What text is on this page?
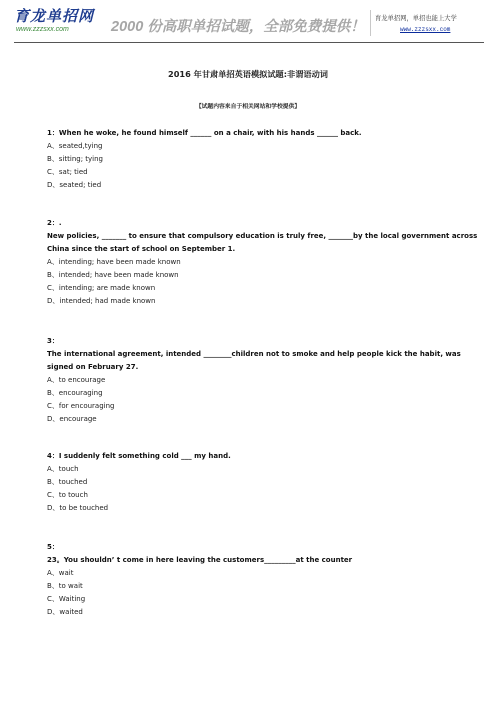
育龙单招网
www.zzzsxx.com	2000 份高职单招试题，全部免费提供！
育龙单招网，单招也能上大学
www.zzzsxx.com
2016 年甘肃单招英语模拟试题:非谓语动词
【试题内容来自于相关网站和学校提供】

1：When he woke, he found himself ______ on a chair, with his hands ______ back.

A、seated,tying

B、sitting; tying

C、sat; tied

D、seated; tied

2：.

New policies, _______ to ensure that compulsory education is truly free, _______by the local government across China since the start of school on September 1.

A、intending; have been made known

B、intended; have been made known

C、intending; are made known

D、intended; had made known

3：

The international agreement, intended ________children not to smoke and help people kick the habit, was signed on February 27.

A、to encourage

B、encouraging

C、for encouraging

D、encourage

4：I suddenly felt something cold ___ my hand.

A、touch

B、touched

C、to touch

D、to be touched

5：

23。You shouldn’ t come in here leaving the customers_________at the counter

A、wait

B、to wait

C、Waiting

D、waited
